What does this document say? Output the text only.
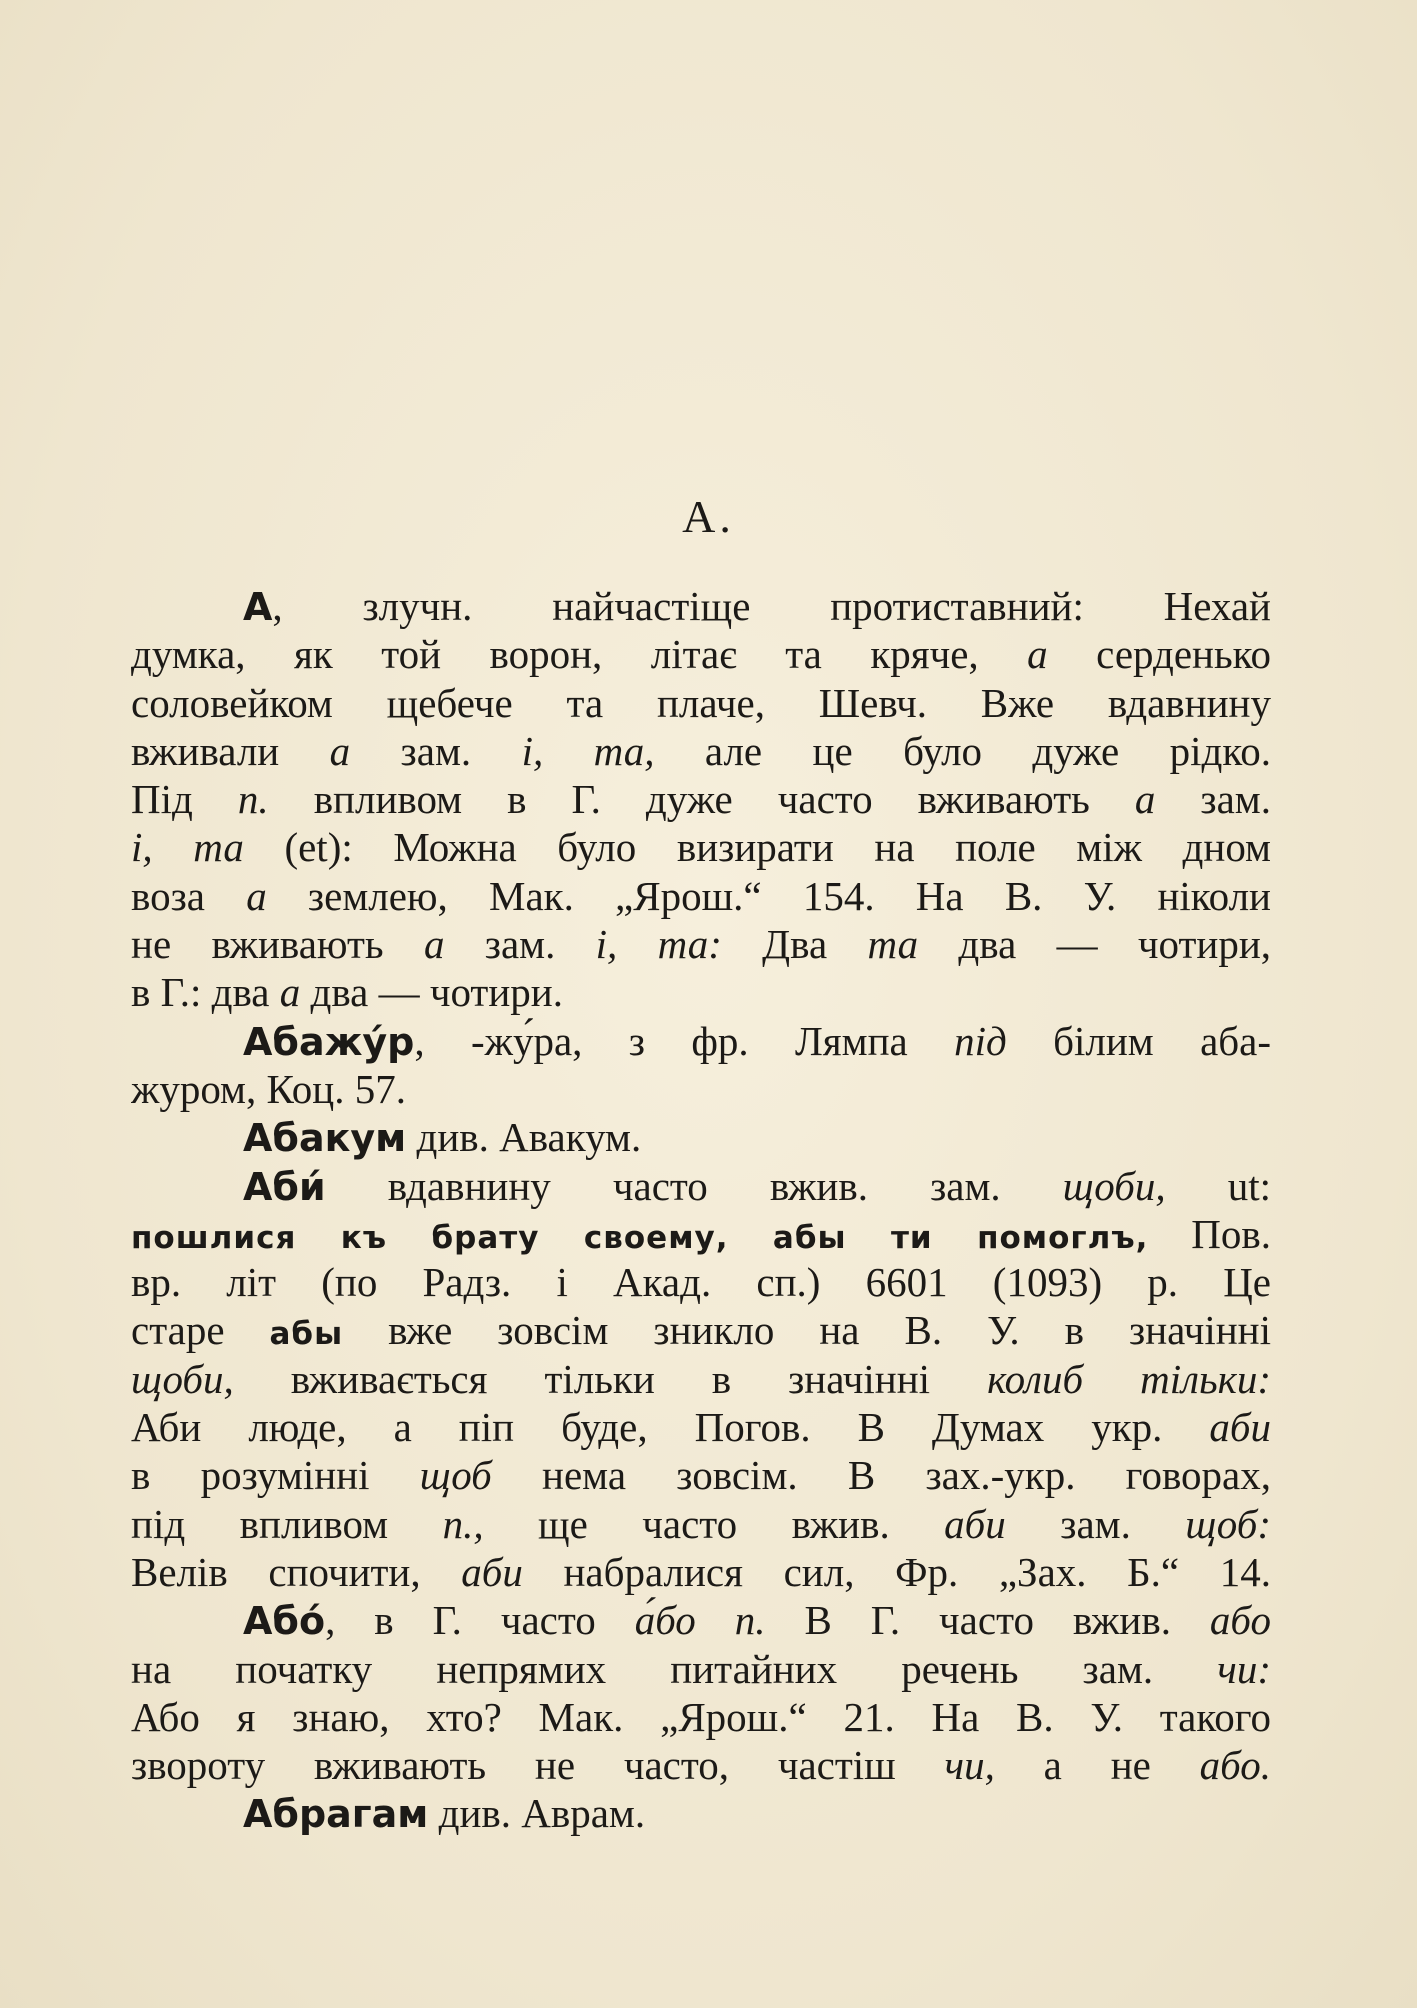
А.
А, злучн. найчастіще протиставний: Нехай
думка, як той ворон, літає та кряче, а серденько
соловейком щебече та плаче, Шевч. Вже вдавнину
вживали а зам. і, та, але це було дуже рідко.
Під п. впливом в Г. дуже часто вживають а зам.
і, та (et): Можна було визирати на поле між дном
воза а землею, Мак. „Ярош.“ 154. На В. У. ніколи
не вживають а зам. і, та: Два та два — чотири,
в Г.: два а два — чотири.
Абажу́р, -жу́ра, з фр. Лямпа під білим аба-
журом, Коц. 57.
Абакум див. Авакум.
Аби́ вдавнину часто вжив. зам. щоби, ut:
пошлися къ брату своему, абы ти помоглъ, Пов.
вр. літ (по Радз. і Акад. сп.) 6601 (1093) р. Це
старе абы вже зовсім зникло на В. У. в значінні
щоби, вживається тільки в значінні колиб тільки:
Аби люде, а піп буде, Погов. В Думах укр. аби
в розумінні щоб нема зовсім. В зах.-укр. говорах,
під впливом п., ще часто вжив. аби зам. щоб:
Велів спочити, аби набралися сил, Фр. „Зах. Б.“ 14.
Або́, в Г. часто а́бо п. В Г. часто вжив. або
на початку непрямих питайних речень зам. чи:
Або я знаю, хто? Мак. „Ярош.“ 21. На В. У. такого
звороту вживають не часто, частіш чи, а не або.
Абрагам див. Аврам.
